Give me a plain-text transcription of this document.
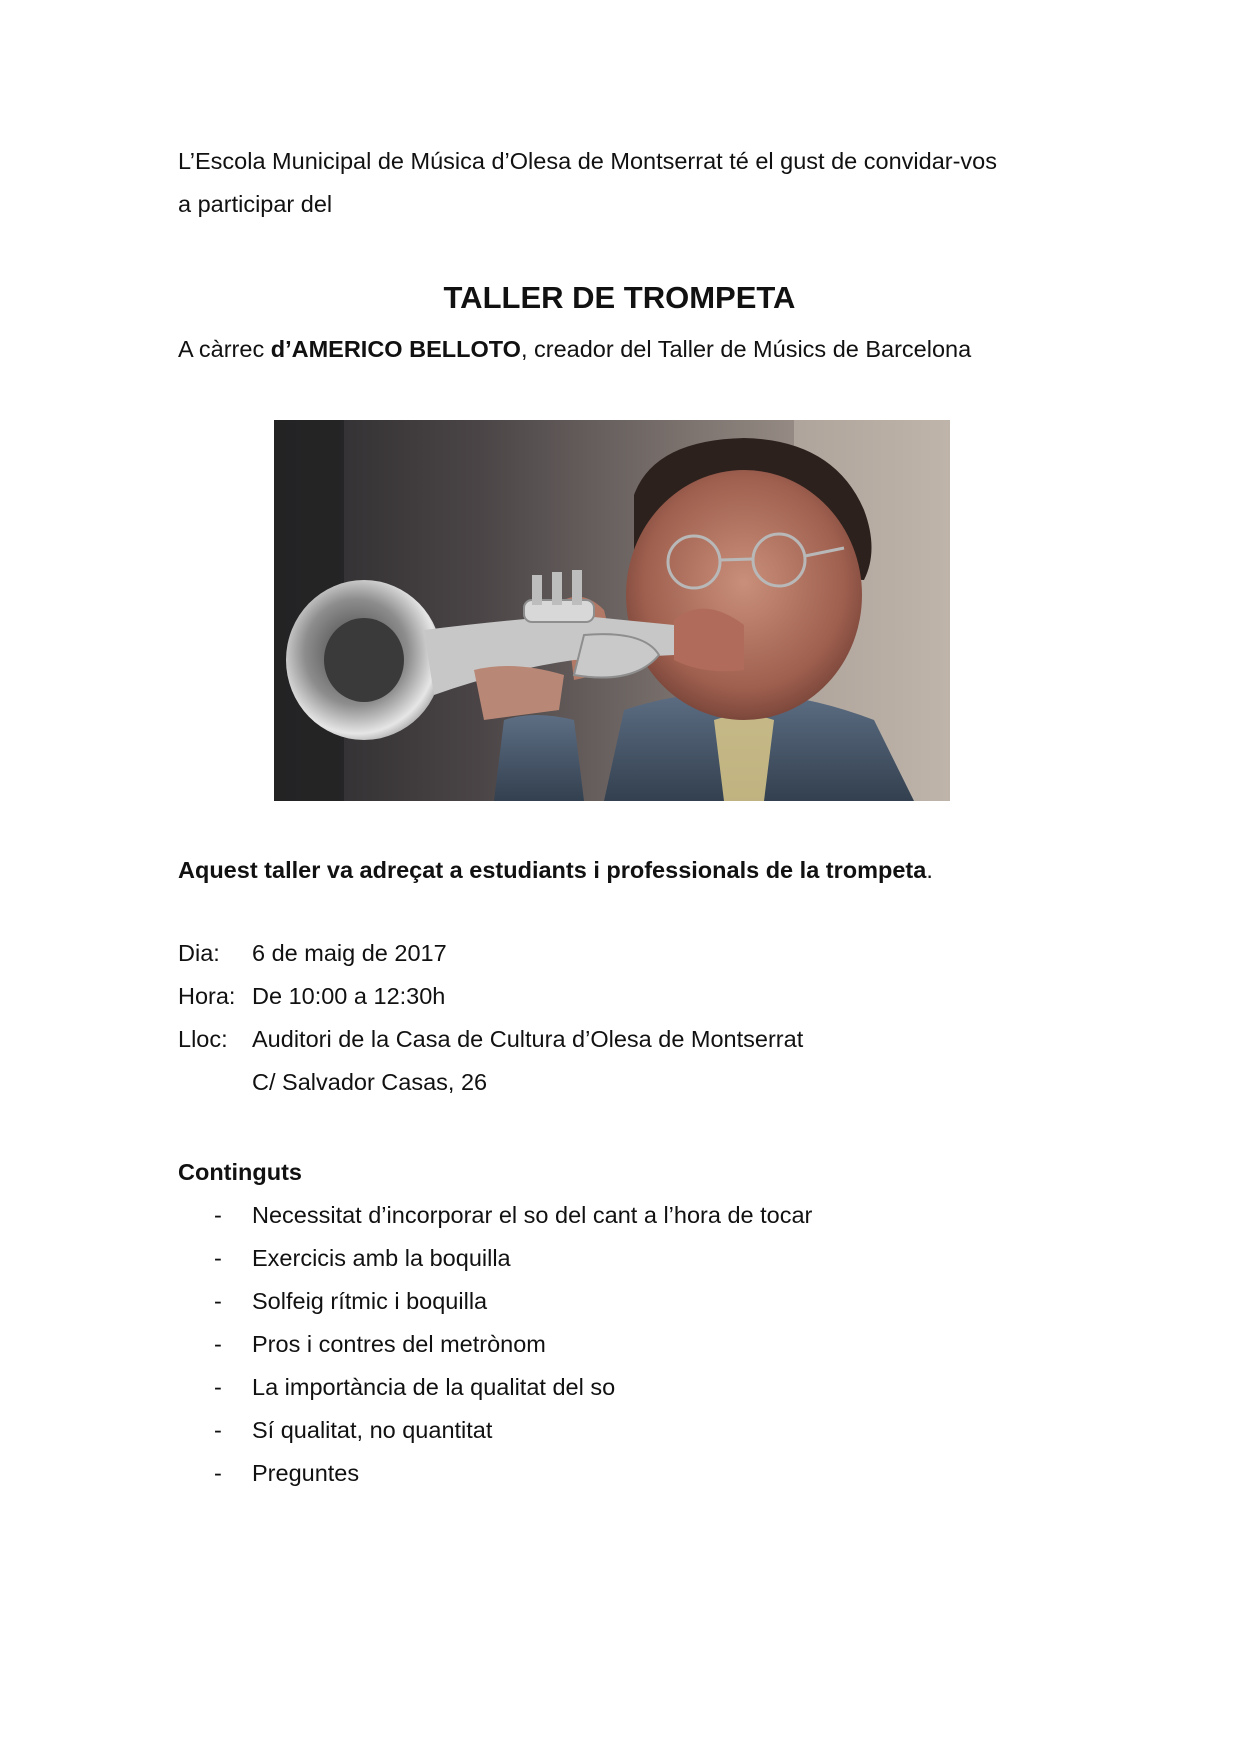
L’Escola Municipal de Música d’Olesa de Montserrat té el gust de convidar-vos
a participar del
TALLER DE TROMPETA
A càrrec d’AMERICO BELLOTO, creador del Taller de Músics de Barcelona
Aquest taller va adreçat a estudiants i professionals de la trompeta.
Dia: 6 de maig de 2017
Hora: De 10:00 a 12:30h
Lloc: Auditori de la Casa de Cultura d’Olesa de Montserrat
C/ Salvador Casas, 26
Continguts
- Necessitat d’incorporar el so del cant a l’hora de tocar
- Exercicis amb la boquilla
- Solfeig rítmic i boquilla
- Pros i contres del metrònom
- La importància de la qualitat del so
- Sí qualitat, no quantitat
- Preguntes
